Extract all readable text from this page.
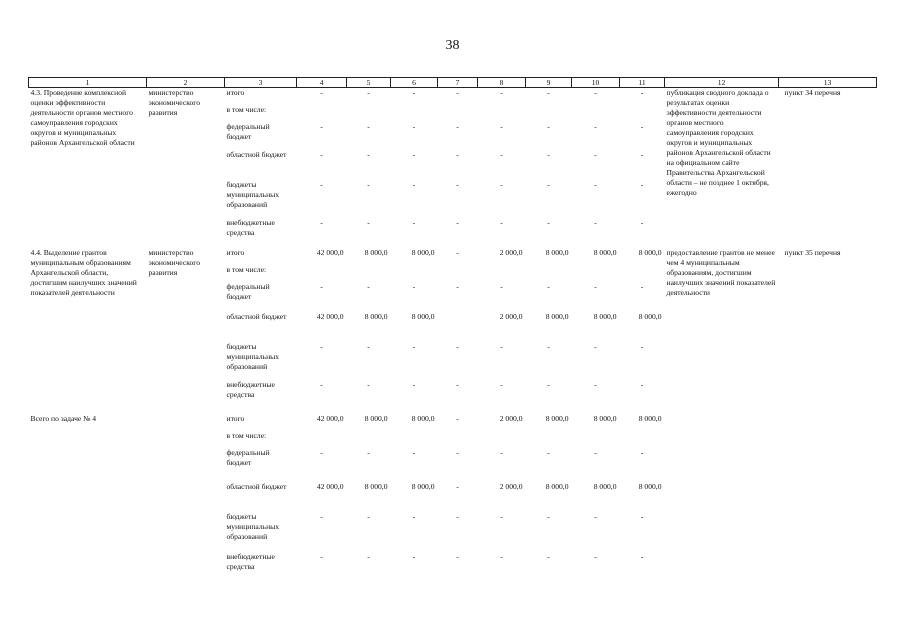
38
1	2	3	4	5	6	7	8	9	10	11	12	13
4.3. Проведение комплексной оценки эффективности деятельности органов местного самоуправления городских округов и муниципальных районов Архангельской области	министерство экономического развития	итого	-	-	-	-	-	-	-	-	публикация сводного доклада о результатах оценки эффективности деятельности органов местного самоуправления городских округов и муниципальных районов Архангельской области на официальном сайте Правительства Архангельской области – не позднее 1 октября, ежегодно	пункт 34 перечня
		в том числе:										
		федеральный бюджет	-	-	-	-	-	-	-	-		
		областной бюджет	-	-	-	-	-	-	-	-		
		бюджеты муниципальных образований	-	-	-	-	-	-	-	-		
		внебюджетные средства	-	-	-	-	-	-	-	-		
4.4. Выделение грантов муниципальным образованиям Архангельской области, достигшим наилучших значений показателей деятельности	министерство экономического развития	итого	42 000,0	8 000,0	8 000,0	-	2 000,0	8 000,0	8 000,0	8 000,0	предоставление грантов не менее чем 4 муниципальным образованиям, достигшим наилучших значений показателей деятельности	пункт 35 перечня
		в том числе:										
		федеральный бюджет	-	-	-	-	-	-	-	-		
		областной бюджет	42 000,0	8 000,0	8 000,0		2 000,0	8 000,0	8 000,0	8 000,0		
		бюджеты муниципальных образований	-	-	-	-	-	-	-	-		
		внебюджетные средства	-	-	-	-	-	-	-	-		
Всего по задаче № 4		итого	42 000,0	8 000,0	8 000,0	-	2 000,0	8 000,0	8 000,0	8 000,0		
		в том числе:										
		федеральный бюджет	-	-	-	-	-	-	-	-		
		областной бюджет	42 000,0	8 000,0	8 000,0	-	2 000,0	8 000,0	8 000,0	8 000,0		
		бюджеты муниципальных образований	-	-	-	-	-	-	-	-		
		внебюджетные средства	-	-	-	-	-	-	-	-		
